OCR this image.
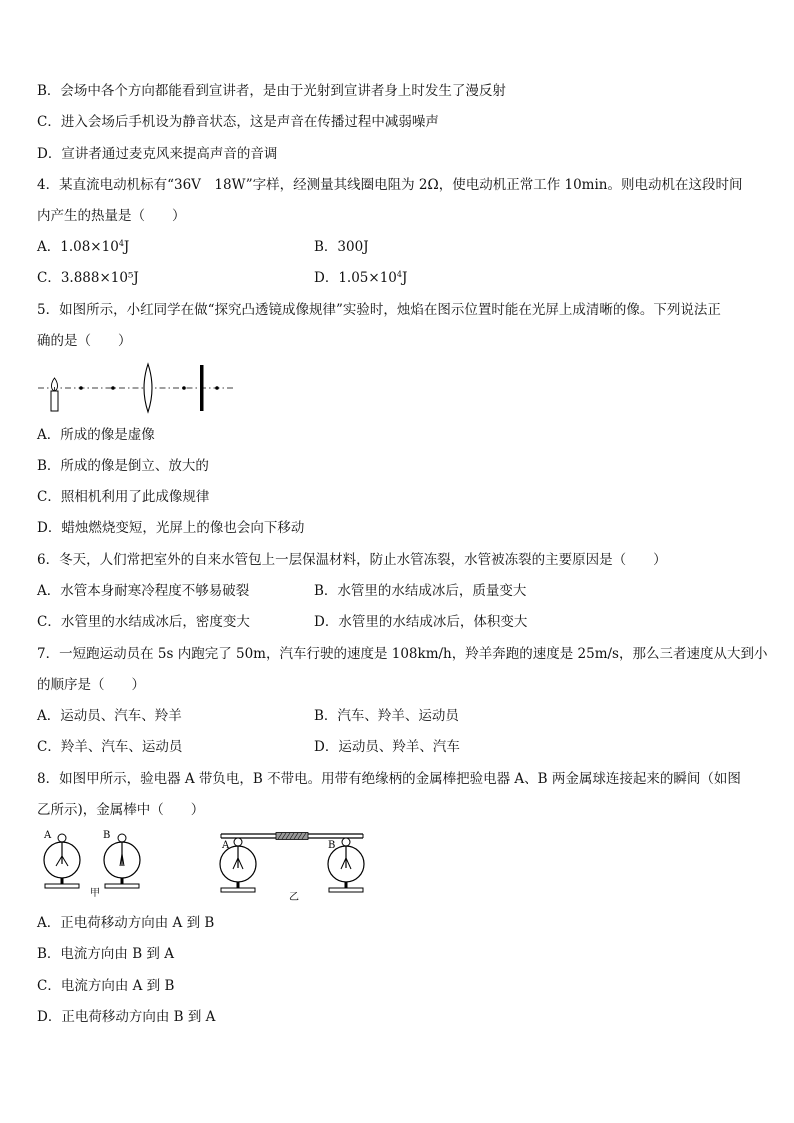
B．会场中各个方向都能看到宣讲者，是由于光射到宣讲者身上时发生了漫反射
C．进入会场后手机设为静音状态，这是声音在传播过程中减弱噪声
D．宣讲者通过麦克风来提高声音的音调
4．某直流电动机标有“36V　18W”字样，经测量其线圈电阻为 2Ω，使电动机正常工作 10min。则电动机在这段时间
内产生的热量是（　　）
A．$1.08\times 10^4J$	B．300J
C．3.888×10⁵J	D．$1.05\times 10^4J$
5．如图所示，小红同学在做“探究凸透镜成像规律”实验时，烛焰在图示位置时能在光屏上成清晰的像。下列说法正
确的是（　　）
A．所成的像是虚像
B．所成的像是倒立、放大的
C．照相机利用了此成像规律
D．蜡烛燃烧变短，光屏上的像也会向下移动
6．冬天，人们常把室外的自来水管包上一层保温材料，防止水管冻裂，水管被冻裂的主要原因是（　　）
A．水管本身耐寒冷程度不够易破裂	B．水管里的水结成冰后，质量变大
C．水管里的水结成冰后，密度变大	D．水管里的水结成冰后，体积变大
7．一短跑运动员在 5s 内跑完了 50m，汽车行驶的速度是 108km/h，羚羊奔跑的速度是 25m/s，那么三者速度从大到小
的顺序是（　　）
A．运动员、汽车、羚羊	B．汽车、羚羊、运动员
C．羚羊、汽车、运动员	D．运动员、羚羊、汽车
8．如图甲所示，验电器 A 带负电，B 不带电。用带有绝缘柄的金属棒把验电器 A、B 两金属球连接起来的瞬间（如图
乙所示)，金属棒中（　　）
A	B
甲
A	B
乙
A．正电荷移动方向由 A 到 B
B．电流方向由 B 到 A
C．电流方向由 A 到 B
D．正电荷移动方向由 B 到 A
